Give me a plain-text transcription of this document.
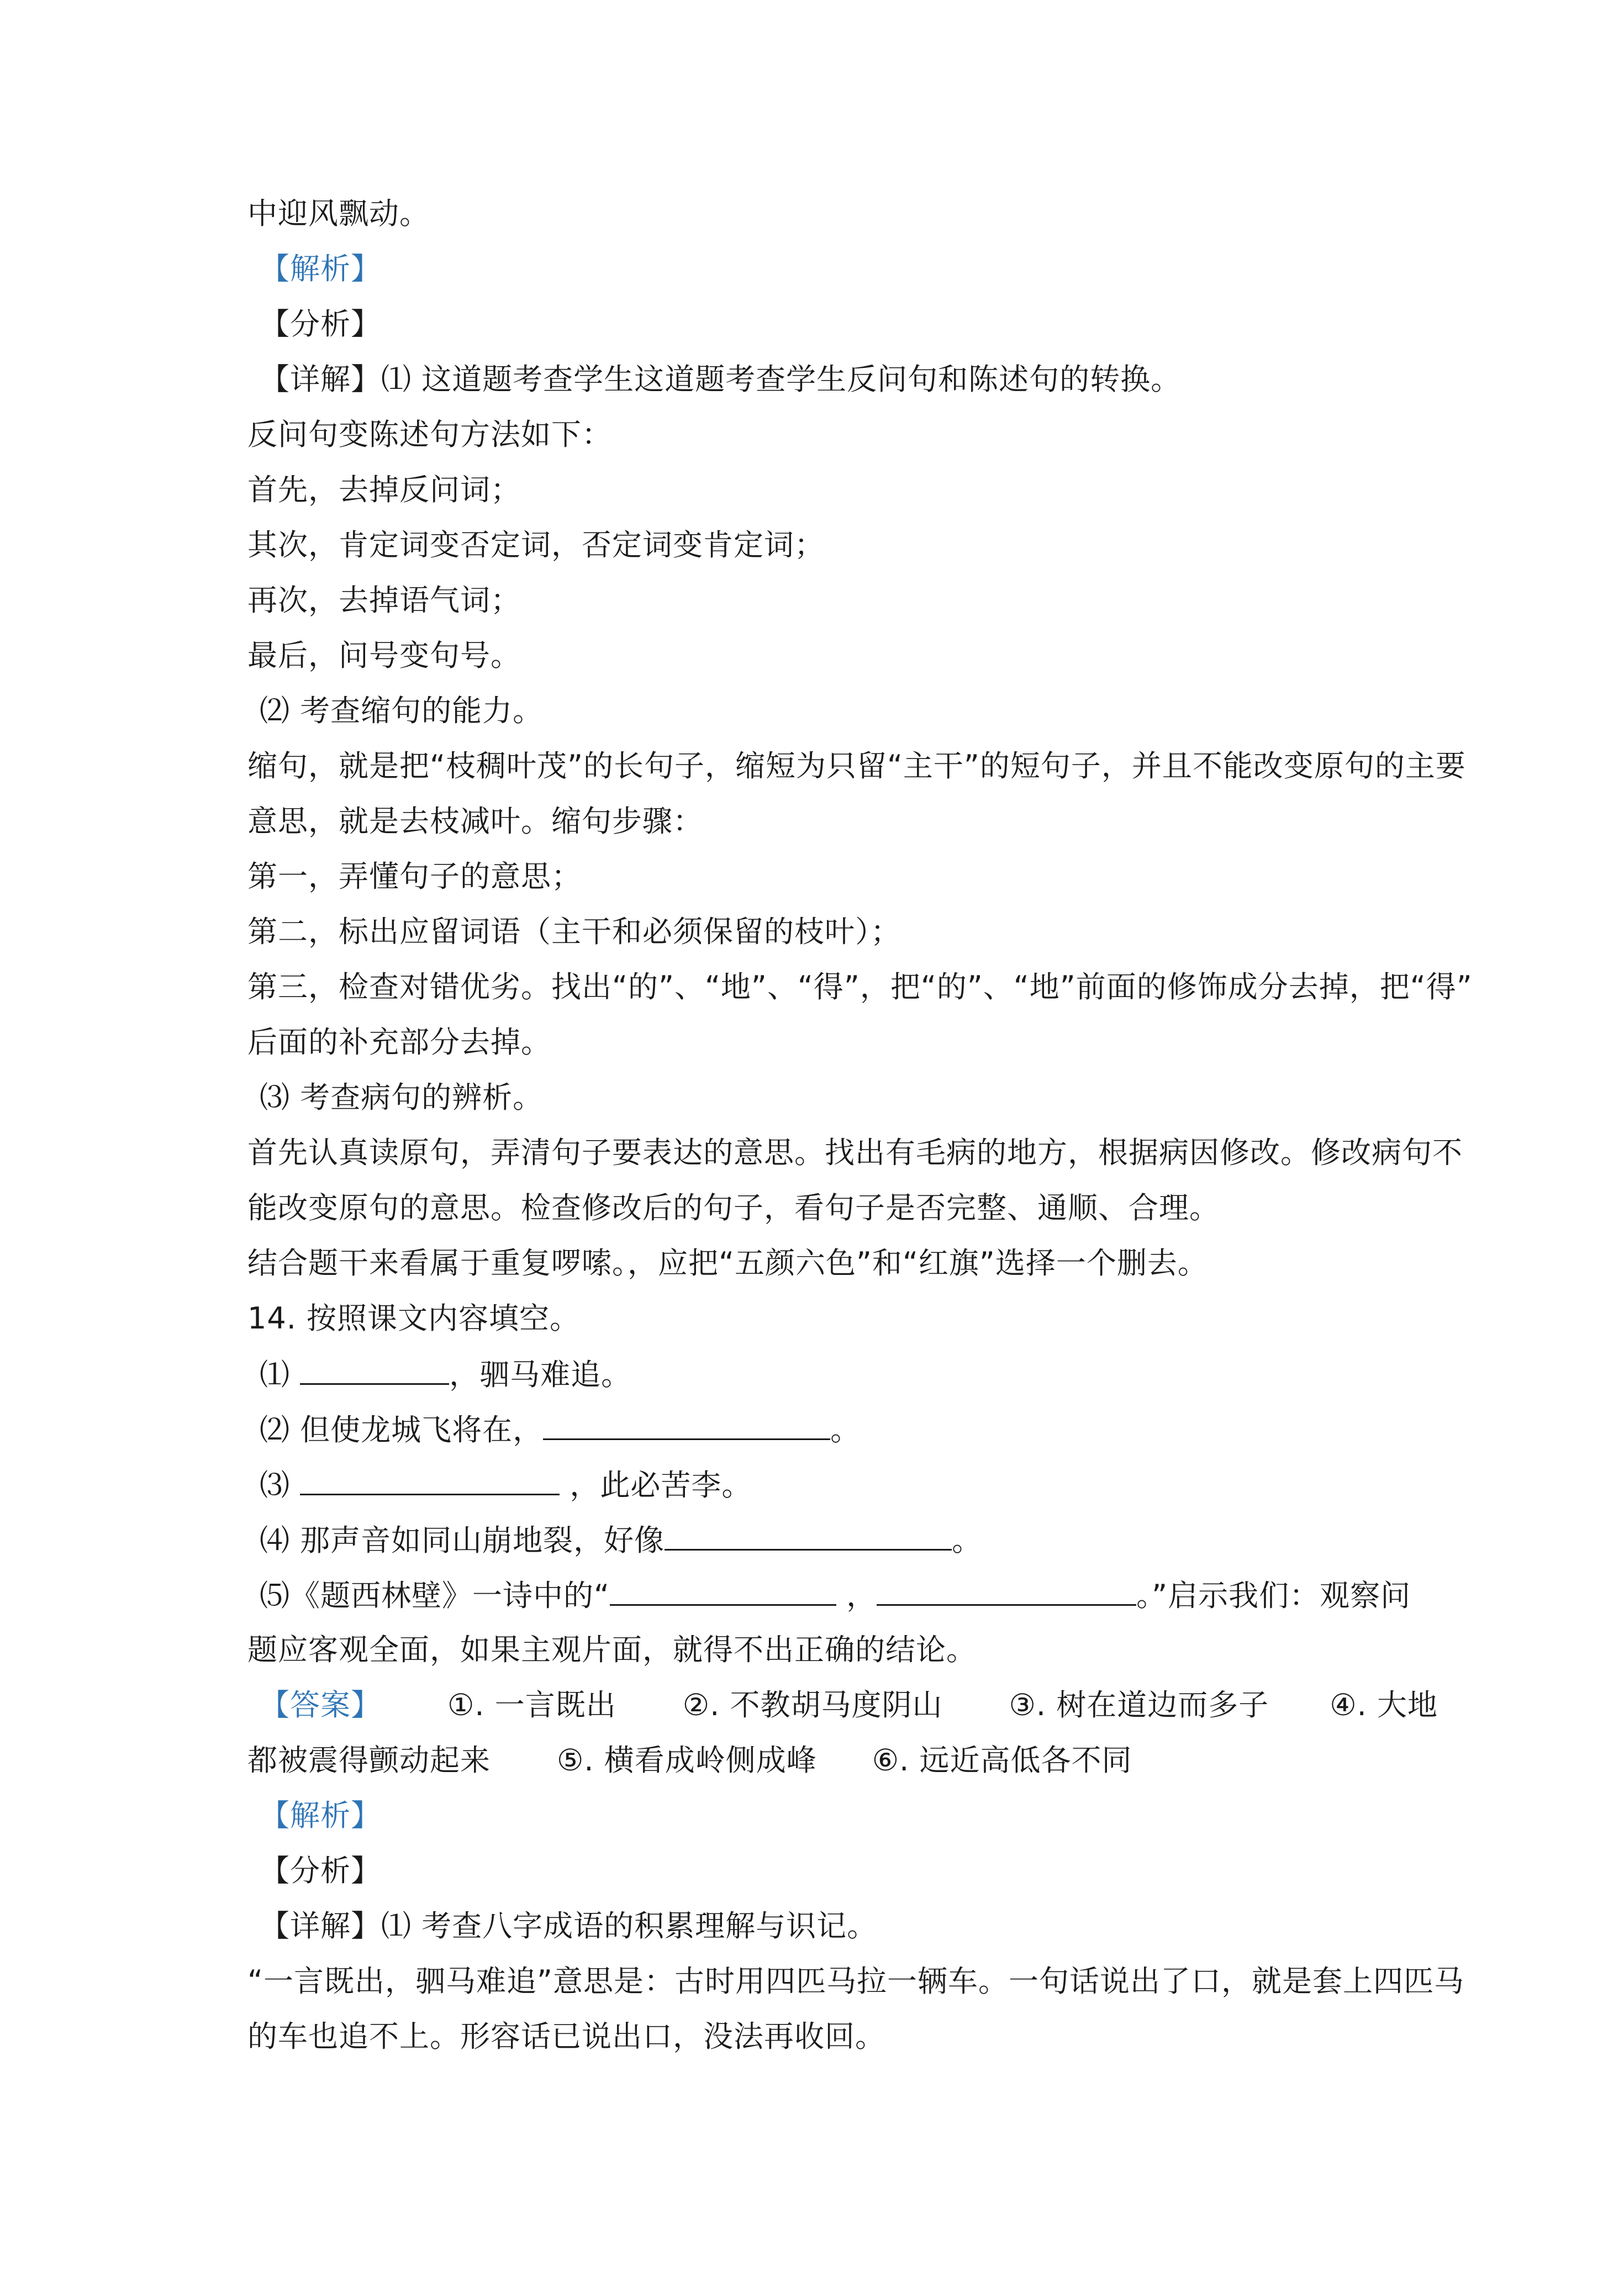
中迎风飘动。
【解析】
【分析】
【详解】⑴ 这道题考查学生这道题考查学生反问句和陈述句的转换。
反问句变陈述句方法如下：
首先，去掉反问词；
其次，肯定词变否定词，否定词变肯定词；
再次，去掉语气词；
最后，问号变句号。
⑵ 考查缩句的能力。
缩句，就是把“枝稠叶茂”的长句子，缩短为只留“主干”的短句子，并且不能改变原句的主要
意思，就是去枝减叶。缩句步骤：
第一，弄懂句子的意思；
第二，标出应留词语（主干和必须保留的枝叶）；
第三，检查对错优劣。找出“的”、“地”、“得”，把“的”、“地”前面的修饰成分去掉，把“得”
后面的补充部分去掉。
⑶ 考查病句的辨析。
首先认真读原句，弄清句子要表达的意思。找出有毛病的地方，根据病因修改。修改病句不
能改变原句的意思。检查修改后的句子，看句子是否完整、通顺、合理。
结合题干来看属于重复啰嗦。，应把“五颜六色”和“红旗”选择一个删去。
14. 按照课文内容填空。
⑴	，驷马难追。
⑵ 但使龙城飞将在，	。
⑶	，此必苦李。
⑷ 那声音如同山崩地裂，好像	。
⑸《题西林壁》一诗中的“	，	。”启示我们：观察问
题应客观全面，如果主观片面，就得不出正确的结论。
【答案】 ①. 一言既出 ②. 不教胡马度阴山 ③. 树在道边而多子 ④. 大地
都被震得颤动起来 ⑤. 横看成岭侧成峰 ⑥. 远近高低各不同
【解析】
【分析】
【详解】⑴ 考查八字成语的积累理解与识记。
“一言既出，驷马难追”意思是：古时用四匹马拉一辆车。一句话说出了口，就是套上四匹马
的车也追不上。形容话已说出口，没法再收回。
